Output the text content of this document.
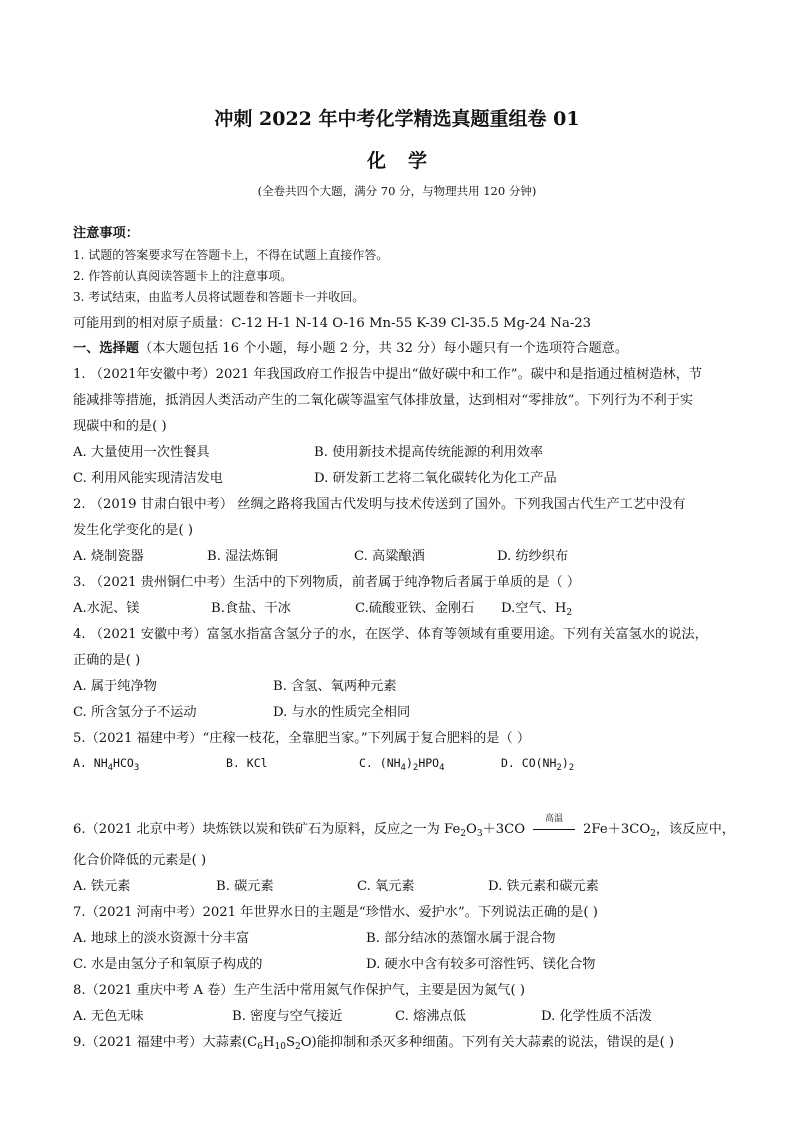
冲刺 2022 年中考化学精选真题重组卷 01
化学
(全卷共四个大题，满分 70 分，与物理共用 120 分钟)
注意事项：
1. 试题的答案要求写在答题卡上，不得在试题上直接作答。
2. 作答前认真阅读答题卡上的注意事项。
3. 考试结束，由监考人员将试题卷和答题卡一并收回。
可能用到的相对原子质量：C-12 H-1 N-14 O-16 Mn-55 K-39 Cl-35.5 Mg-24 Na-23
一、选择题（本大题包括 16 个小题，每小题 2 分，共 32 分）每小题只有一个选项符合题意。
1. （2021年安徽中考）2021 年我国政府工作报告中提出“做好碳中和工作”。碳中和是指通过植树造林，节
能减排等措施，抵消因人类活动产生的二氧化碳等温室气体排放量，达到相对“零排放”。下列行为不利于实
现碳中和的是( )
A. 大量使用一次性餐具	B. 使用新技术提高传统能源的利用效率
C. 利用风能实现清洁发电	D. 研发新工艺将二氧化碳转化为化工产品
2. （2019 甘肃白银中考） 丝绸之路将我国古代发明与技术传送到了国外。下列我国古代生产工艺中没有
发生化学变化的是( )
A. 烧制瓷器	B. 湿法炼铜	C. 高粱酿酒	D. 纺纱织布
3. （2021 贵州铜仁中考）生活中的下列物质，前者属于纯净物后者属于单质的是（ ）
A.水泥、镁	B.食盐、干冰	C.硫酸亚铁、金刚石 D.空气、$H_2$
4. （2021 安徽中考）富氢水指富含氢分子的水，在医学、体育等领域有重要用途。下列有关富氢水的说法，
正确的是( )
A. 属于纯净物	B. 含氢、氧两种元素
C. 所含氢分子不运动	D. 与水的性质完全相同
5.（2021 福建中考）“庄稼一枝花，全靠肥当家。”下列属于复合肥料的是（ ）
A. $NH_4HCO_3$	B. KCl	C. $(NH_4)_2HPO_4$	D. $CO(NH_2)_2$
6.（2021 北京中考）块炼铁以炭和铁矿石为原料，反应之一为 $Fe_2O_3+3CO$
高温
$2Fe+3CO_2$，该反应中，
化合价降低的元素是( )
A. 铁元素	B. 碳元素	C. 氧元素	D. 铁元素和碳元素
7.（2021 河南中考）2021 年世界水日的主题是“珍惜水、爱护水”。下列说法正确的是( )
A. 地球上的淡水资源十分丰富	B. 部分结冰的蒸馏水属于混合物
C. 水是由氢分子和氧原子构成的	D. 硬水中含有较多可溶性钙、镁化合物
8.（2021 重庆中考 A 卷）生产生活中常用氮气作保护气，主要是因为氮气( )
A. 无色无味	B. 密度与空气接近	C. 熔沸点低	D. 化学性质不活泼
9.（2021 福建中考）大蒜素$(C_6H_{10}S_2O)$能抑制和杀灭多种细菌。下列有关大蒜素的说法，错误的是( )
